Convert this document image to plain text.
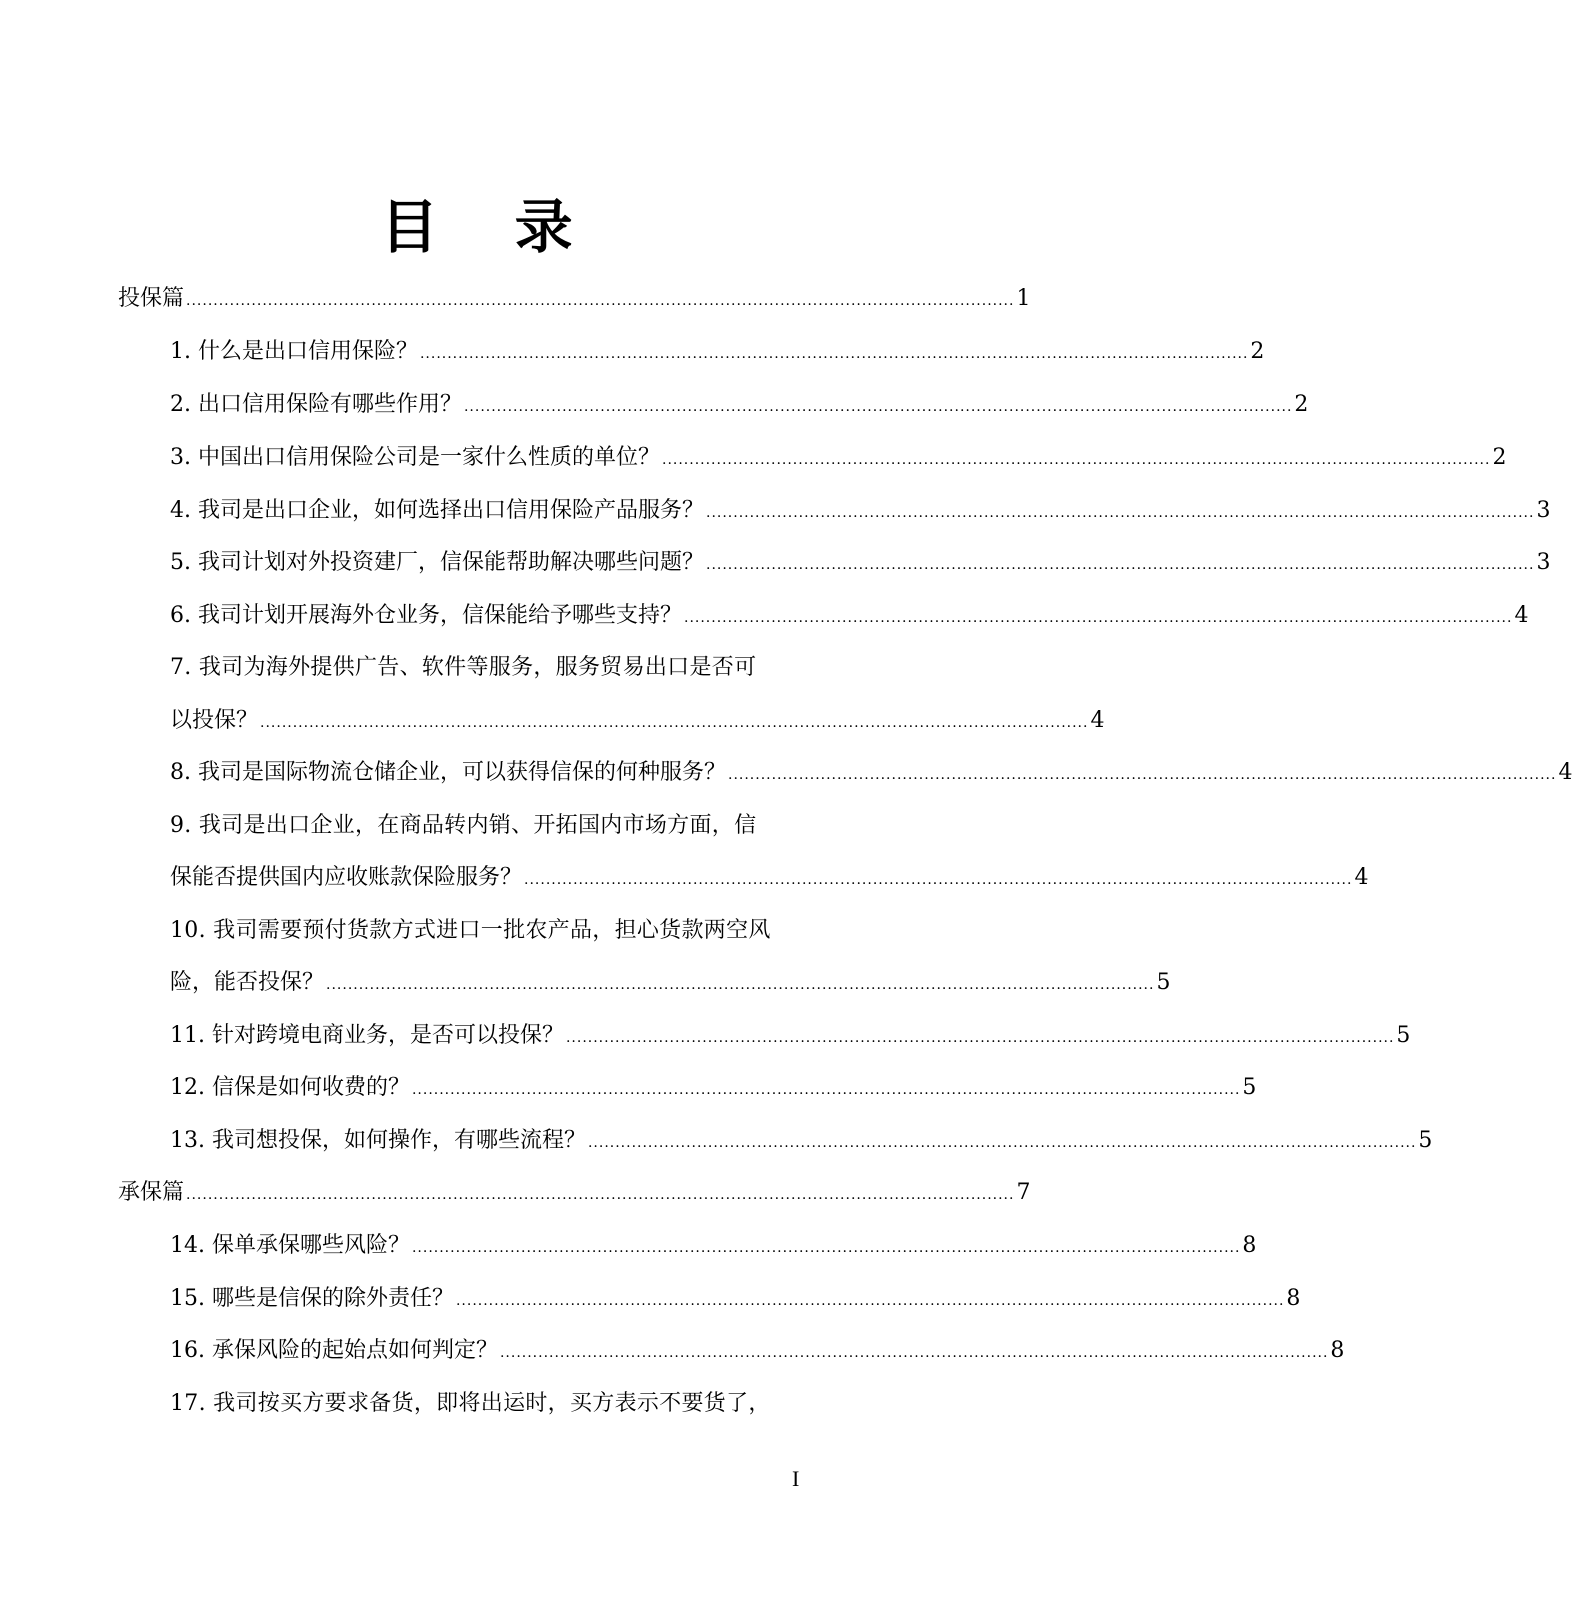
目 录
投保篇 ........................................................................................................................................................ 1
1. 什么是出口信用保险？ ........................................................................................................................................................ 2
2. 出口信用保险有哪些作用？ ........................................................................................................................................................ 2
3. 中国出口信用保险公司是一家什么性质的单位？ ........................................................................................................................................................ 2
4. 我司是出口企业，如何选择出口信用保险产品服务？ ........................................................................................................................................................ 3
5. 我司计划对外投资建厂，信保能帮助解决哪些问题？ ........................................................................................................................................................ 3
6. 我司计划开展海外仓业务，信保能给予哪些支持？ ........................................................................................................................................................ 4
7. 我司为海外提供广告、软件等服务，服务贸易出口是否可
以投保？ ........................................................................................................................................................ 4
8. 我司是国际物流仓储企业，可以获得信保的何种服务？ ........................................................................................................................................................ 4
9. 我司是出口企业，在商品转内销、开拓国内市场方面，信
保能否提供国内应收账款保险服务？ ........................................................................................................................................................ 4
10. 我司需要预付货款方式进口一批农产品，担心货款两空风
险，能否投保？ ........................................................................................................................................................ 5
11. 针对跨境电商业务，是否可以投保？ ........................................................................................................................................................ 5
12. 信保是如何收费的？ ........................................................................................................................................................ 5
13. 我司想投保，如何操作，有哪些流程？ ........................................................................................................................................................ 5
承保篇 ........................................................................................................................................................ 7
14. 保单承保哪些风险？ ........................................................................................................................................................ 8
15. 哪些是信保的除外责任？ ........................................................................................................................................................ 8
16. 承保风险的起始点如何判定？ ........................................................................................................................................................ 8
17. 我司按买方要求备货，即将出运时，买方表示不要货了，
I
